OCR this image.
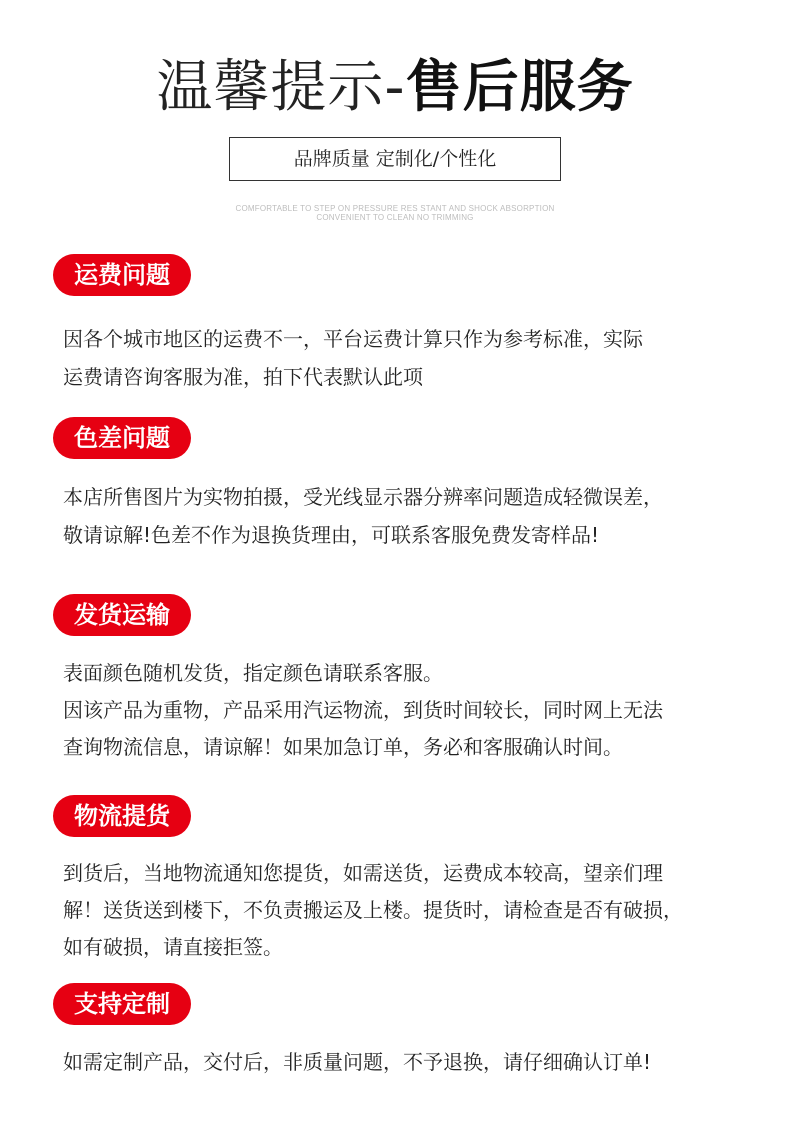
温馨提示-售后服务
品牌质量 定制化/个性化
COMFORTABLE TO STEP ON PRESSURE RES STANT AND SHOCK ABSORPTION
CONVENIENT TO CLEAN NO TRIMMING
运费问题
因各个城市地区的运费不一，平台运费计算只作为参考标准，实际
运费请咨询客服为准，拍下代表默认此项
色差问题
本店所售图片为实物拍摄，受光线显示器分辨率问题造成轻微误差，
敬请谅解!色差不作为退换货理由，可联系客服免费发寄样品!
发货运输
表面颜色随机发货，指定颜色请联系客服。
因该产品为重物，产品采用汽运物流，到货时间较长，同时网上无法
查询物流信息，请谅解！如果加急订单，务必和客服确认时间。
物流提货
到货后，当地物流通知您提货，如需送货，运费成本较高，望亲们理
解！送货送到楼下，不负责搬运及上楼。提货时，请检查是否有破损，
如有破损，请直接拒签。
支持定制
如需定制产品，交付后，非质量问题，不予退换，请仔细确认订单!
